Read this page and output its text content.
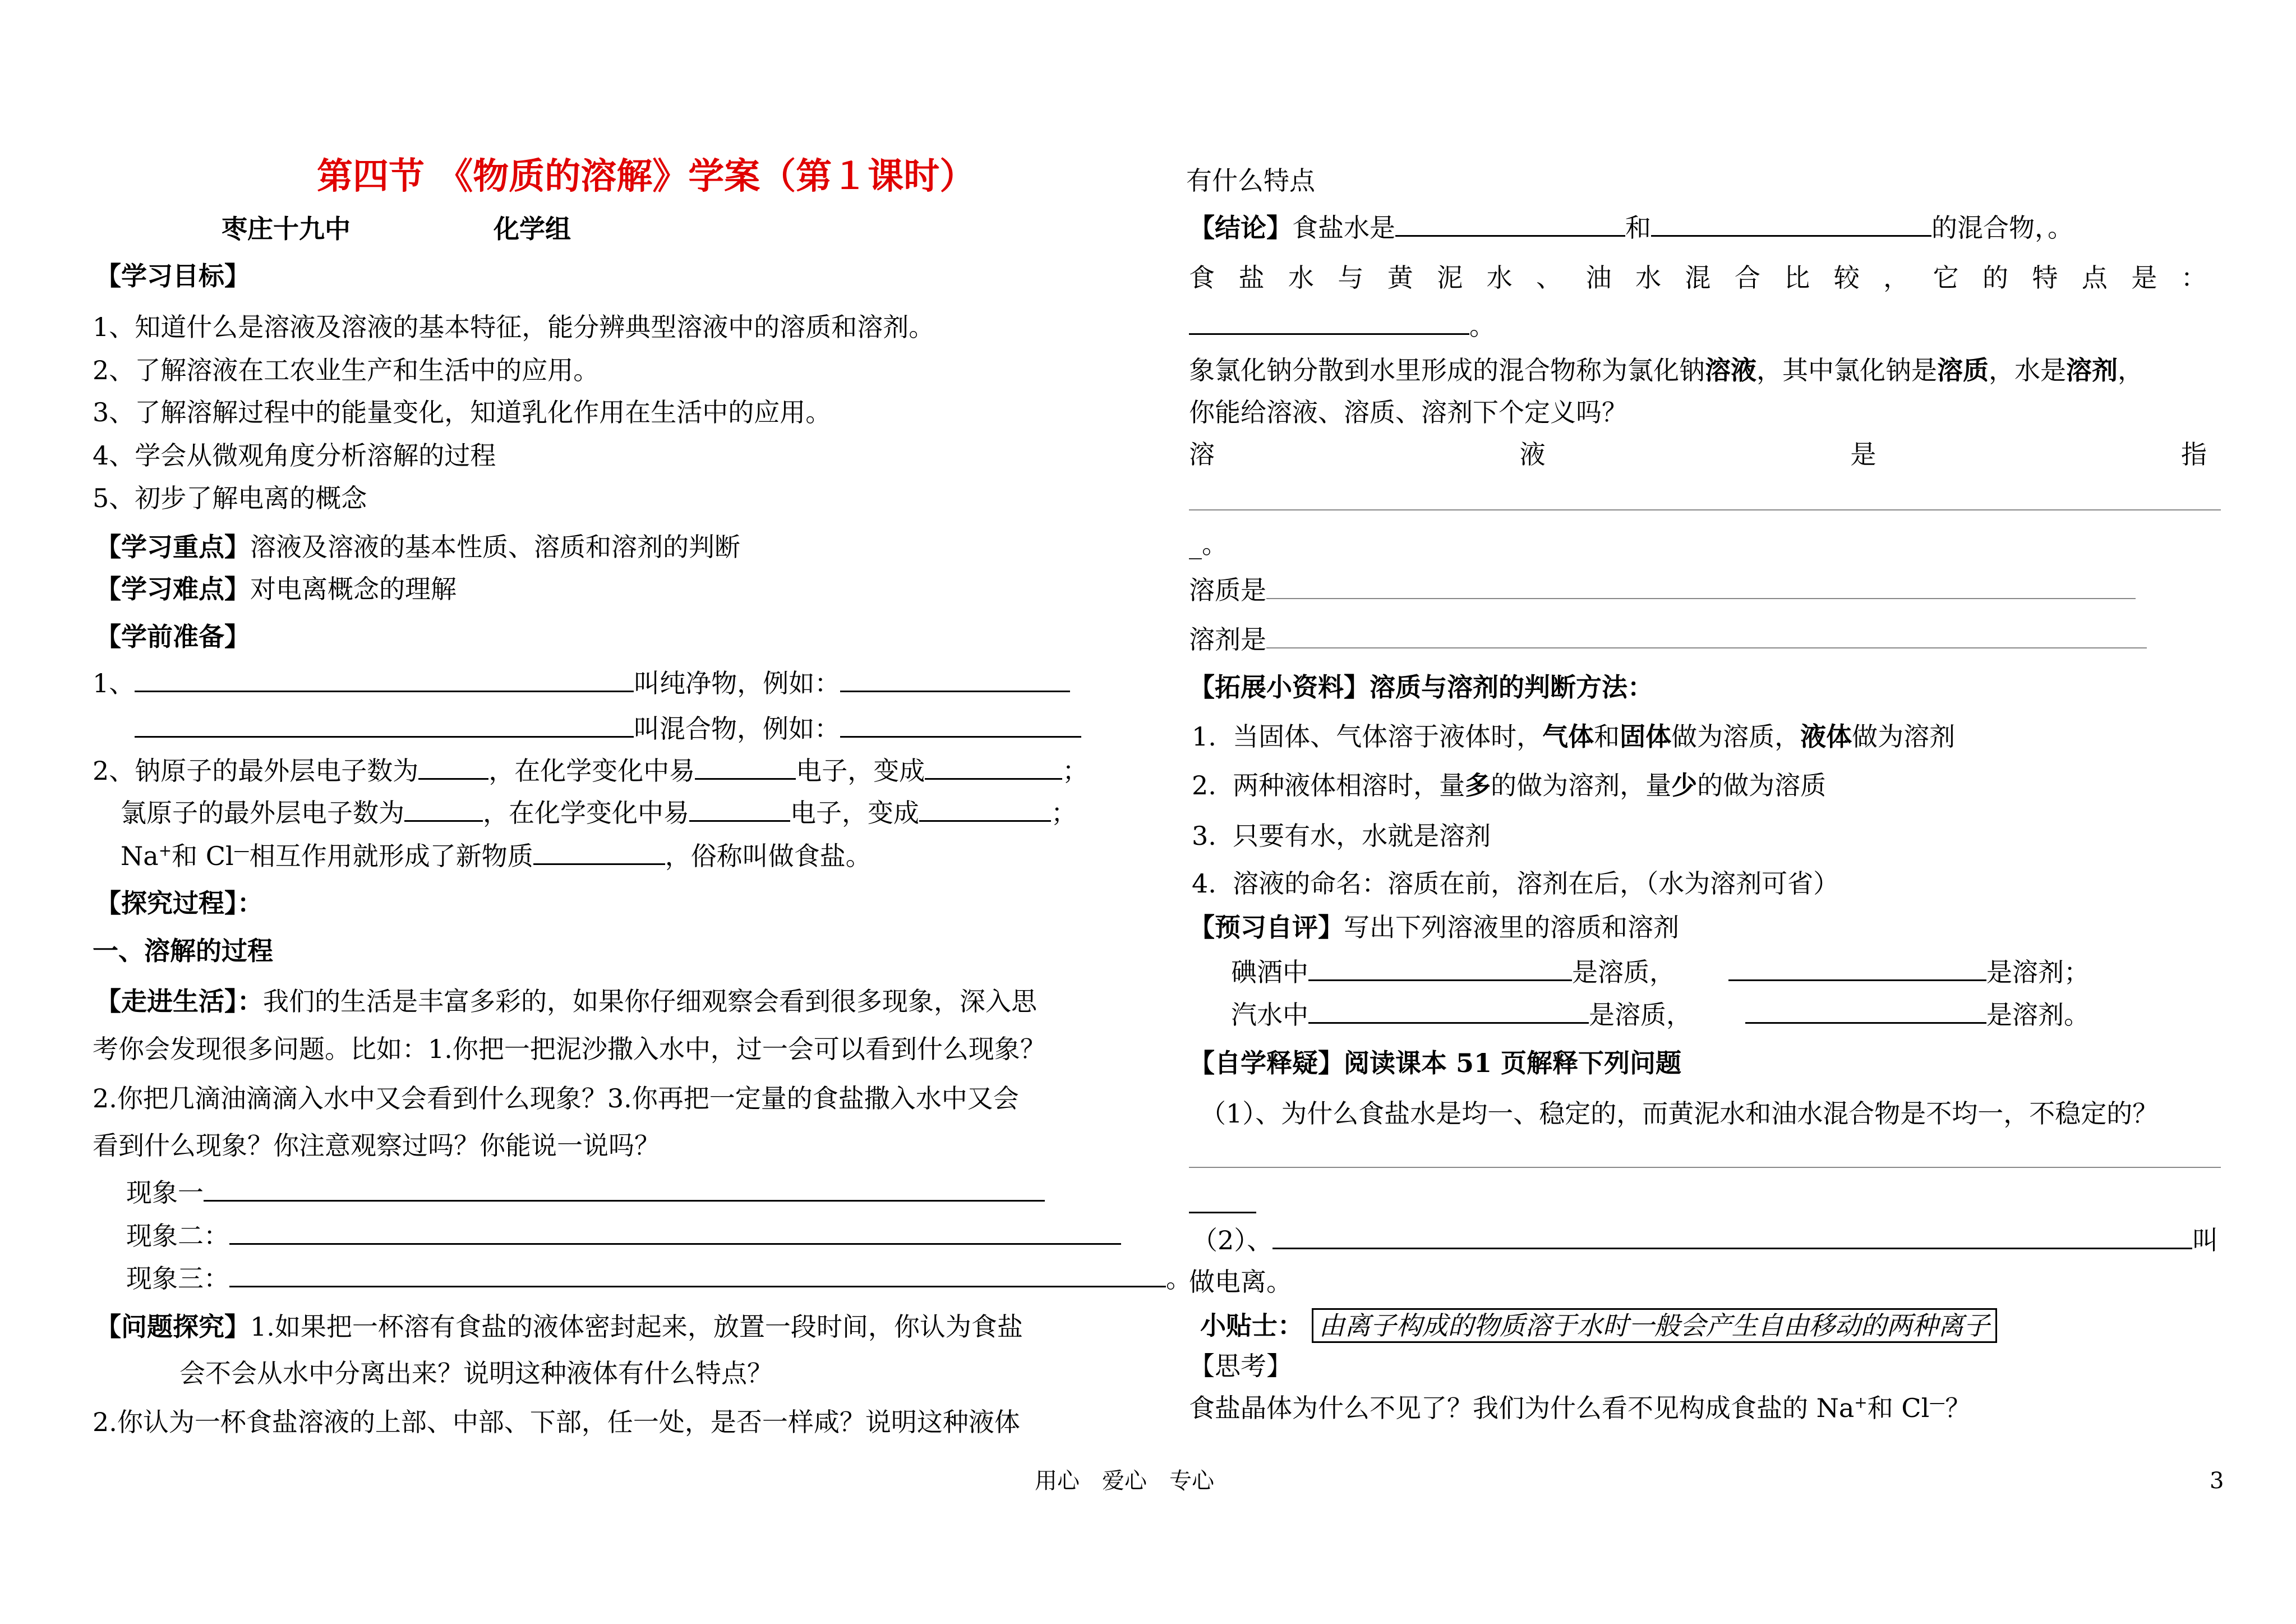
第四节 《物质的溶解》学案（第１课时）
枣庄十九中	化学组
【学习目标】
1、知道什么是溶液及溶液的基本特征，能分辨典型溶液中的溶质和溶剂。
2、了解溶液在工农业生产和生活中的应用。
3、了解溶解过程中的能量变化，知道乳化作用在生活中的应用。
4、学会从微观角度分析溶解的过程
5、初步了解电离的概念
【学习重点】溶液及溶液的基本性质、溶质和溶剂的判断
【学习难点】对电离概念的理解
【学前准备】
1、	叫纯净物，例如：
叫混合物，例如：
2、钠原子的最外层电子数为	，在化学变化中易	电子，变成	；
氯原子的最外层电子数为	，在化学变化中易	电子，变成	；
Na+和 Cl—相互作用就形成了新物质	，俗称叫做食盐。
【探究过程】：
一、溶解的过程
【走进生活】：我们的生活是丰富多彩的，如果你仔细观察会看到很多现象，深入思
考你会发现很多问题。比如：1.你把一把泥沙撒入水中，过一会可以看到什么现象？
2.你把几滴油滴滴入水中又会看到什么现象？3.你再把一定量的食盐撒入水中又会
看到什么现象？你注意观察过吗？你能说一说吗？
现象一
现象二：
现象三：	。
【问题探究】1.如果把一杯溶有食盐的液体密封起来，放置一段时间，你认为食盐
会不会从水中分离出来？说明这种液体有什么特点？
2.你认为一杯食盐溶液的上部、中部、下部，任一处，是否一样咸？说明这种液体
有什么特点
【结论】食盐水是	和	的混合物，。
食 盐 水 与 黄 泥 水 、 油 水 混 合 比 较 ， 它 的 特 点 是 ：
。
象氯化钠分散到水里形成的混合物称为氯化钠溶液，其中氯化钠是溶质，水是溶剂，
你能给溶液、溶质、溶剂下个定义吗？
溶	液	是	指
_。
溶质是
溶剂是
【拓展小资料】溶质与溶剂的判断方法：
1. 当固体、气体溶于液体时，气体和固体做为溶质，液体做为溶剂
2. 两种液体相溶时，量多的做为溶剂，量少的做为溶质
3. 只要有水，水就是溶剂
4. 溶液的命名：溶质在前，溶剂在后，（水为溶剂可省）
【预习自评】写出下列溶液里的溶质和溶剂
碘酒中	是溶质，	是溶剂；
汽水中	是溶质，	是溶剂。
【自学释疑】阅读课本 51 页解释下列问题
（1）、为什么食盐水是均一、稳定的，而黄泥水和油水混合物是不均一，不稳定的？
（2）、	叫
做电离。
小贴士： 由离子构成的物质溶于水时一般会产生自由移动的两种离子
【思考】
食盐晶体为什么不见了？我们为什么看不见构成食盐的 Na+和 Cl—？
用心　爱心　专心	3
